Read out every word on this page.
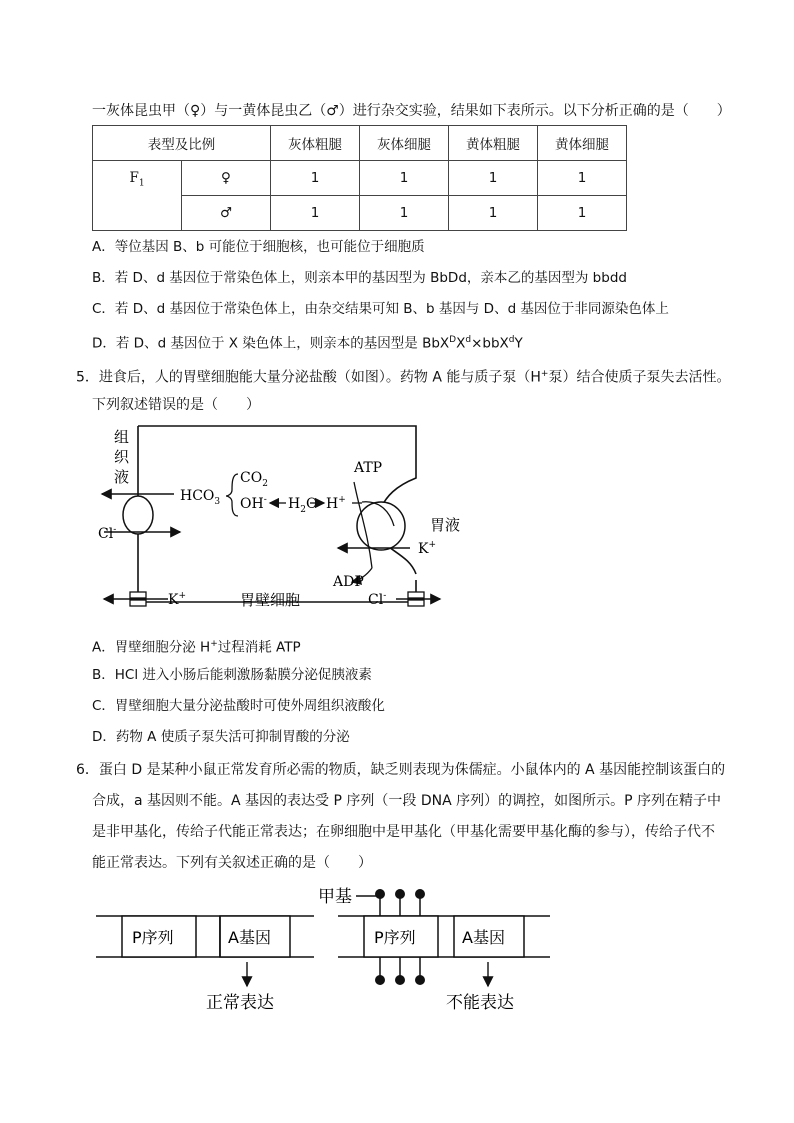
一灰体昆虫甲（♀）与一黄体昆虫乙（♂）进行杂交实验，结果如下表所示。以下分析正确的是（　　）
表型及比例		灰体粗腿	灰体细腿	黄体粗腿	黄体细腿
$F_1$	♀	1	1	1	1
	♂	1	1	1	1
A．等位基因 B、b 可能位于细胞核，也可能位于细胞质
B．若 D、d 基因位于常染色体上，则亲本甲的基因型为 BbDd，亲本乙的基因型为 bbdd
C．若 D、d 基因位于常染色体上，由杂交结果可知 B、b 基因与 D、d 基因位于非同源染色体上
D．若 D、d 基因位于 X 染色体上，则亲本的基因型是 $BbX^DX^d\times bbX^dY$
5．进食后，人的胃壁细胞能大量分泌盐酸（如图）。药物 A 能与质子泵（H+泵）结合使质子泵失去活性。
下列叙述错误的是（　　）
组
织
液
Cl-
$HCO_3$
$CO_2$
OH- $H_2O$ H+
ATP
ADP
胃液
K+
K+	胃壁细胞	Cl-
A．胃壁细胞分泌 H+过程消耗 ATP
B．HCl 进入小肠后能刺激肠黏膜分泌促胰液素
C．胃壁细胞大量分泌盐酸时可使外周组织液酸化
D．药物 A 使质子泵失活可抑制胃酸的分泌
6．蛋白 D 是某种小鼠正常发育所必需的物质，缺乏则表现为侏儒症。小鼠体内的 A 基因能控制该蛋白的
合成，a 基因则不能。A 基因的表达受 P 序列（一段 DNA 序列）的调控，如图所示。P 序列在精子中
是非甲基化，传给子代能正常表达；在卵细胞中是甲基化（甲基化需要甲基化酶的参与），传给子代不
能正常表达。下列有关叙述正确的是（　　）
P序列	A基因
正常表达
P序列	A基因
甲基
不能表达
